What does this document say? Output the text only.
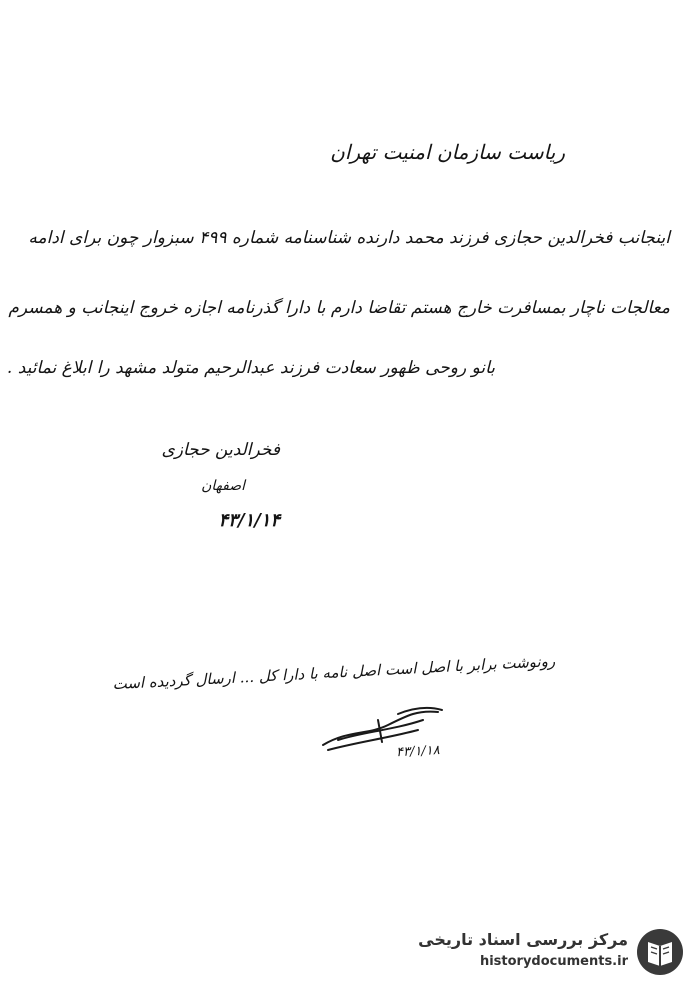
ریاست سازمان امنیت تهران
اینجانب فخرالدین حجازی فرزند محمد دارنده شناسنامه شماره ۴۹۹ سبزوار چون برای ادامه
معالجات ناچار بمسافرت خارج هستم تقاضا دارم با دارا گذرنامه اجازه خروج اینجانب و همسرم
بانو روحی ظهور سعادت فرزند عبدالرحیم متولد مشهد را ابلاغ نمائید .
فخرالدین حجازی
اصفهان
۴۳/۱/۱۴
رونوشت برابر با اصل است اصل نامه با دارا کل ... ارسال گردیده است
۴۳/۱/۱۸
مرکز بررسی اسناد تاریخی
historydocuments.ir
